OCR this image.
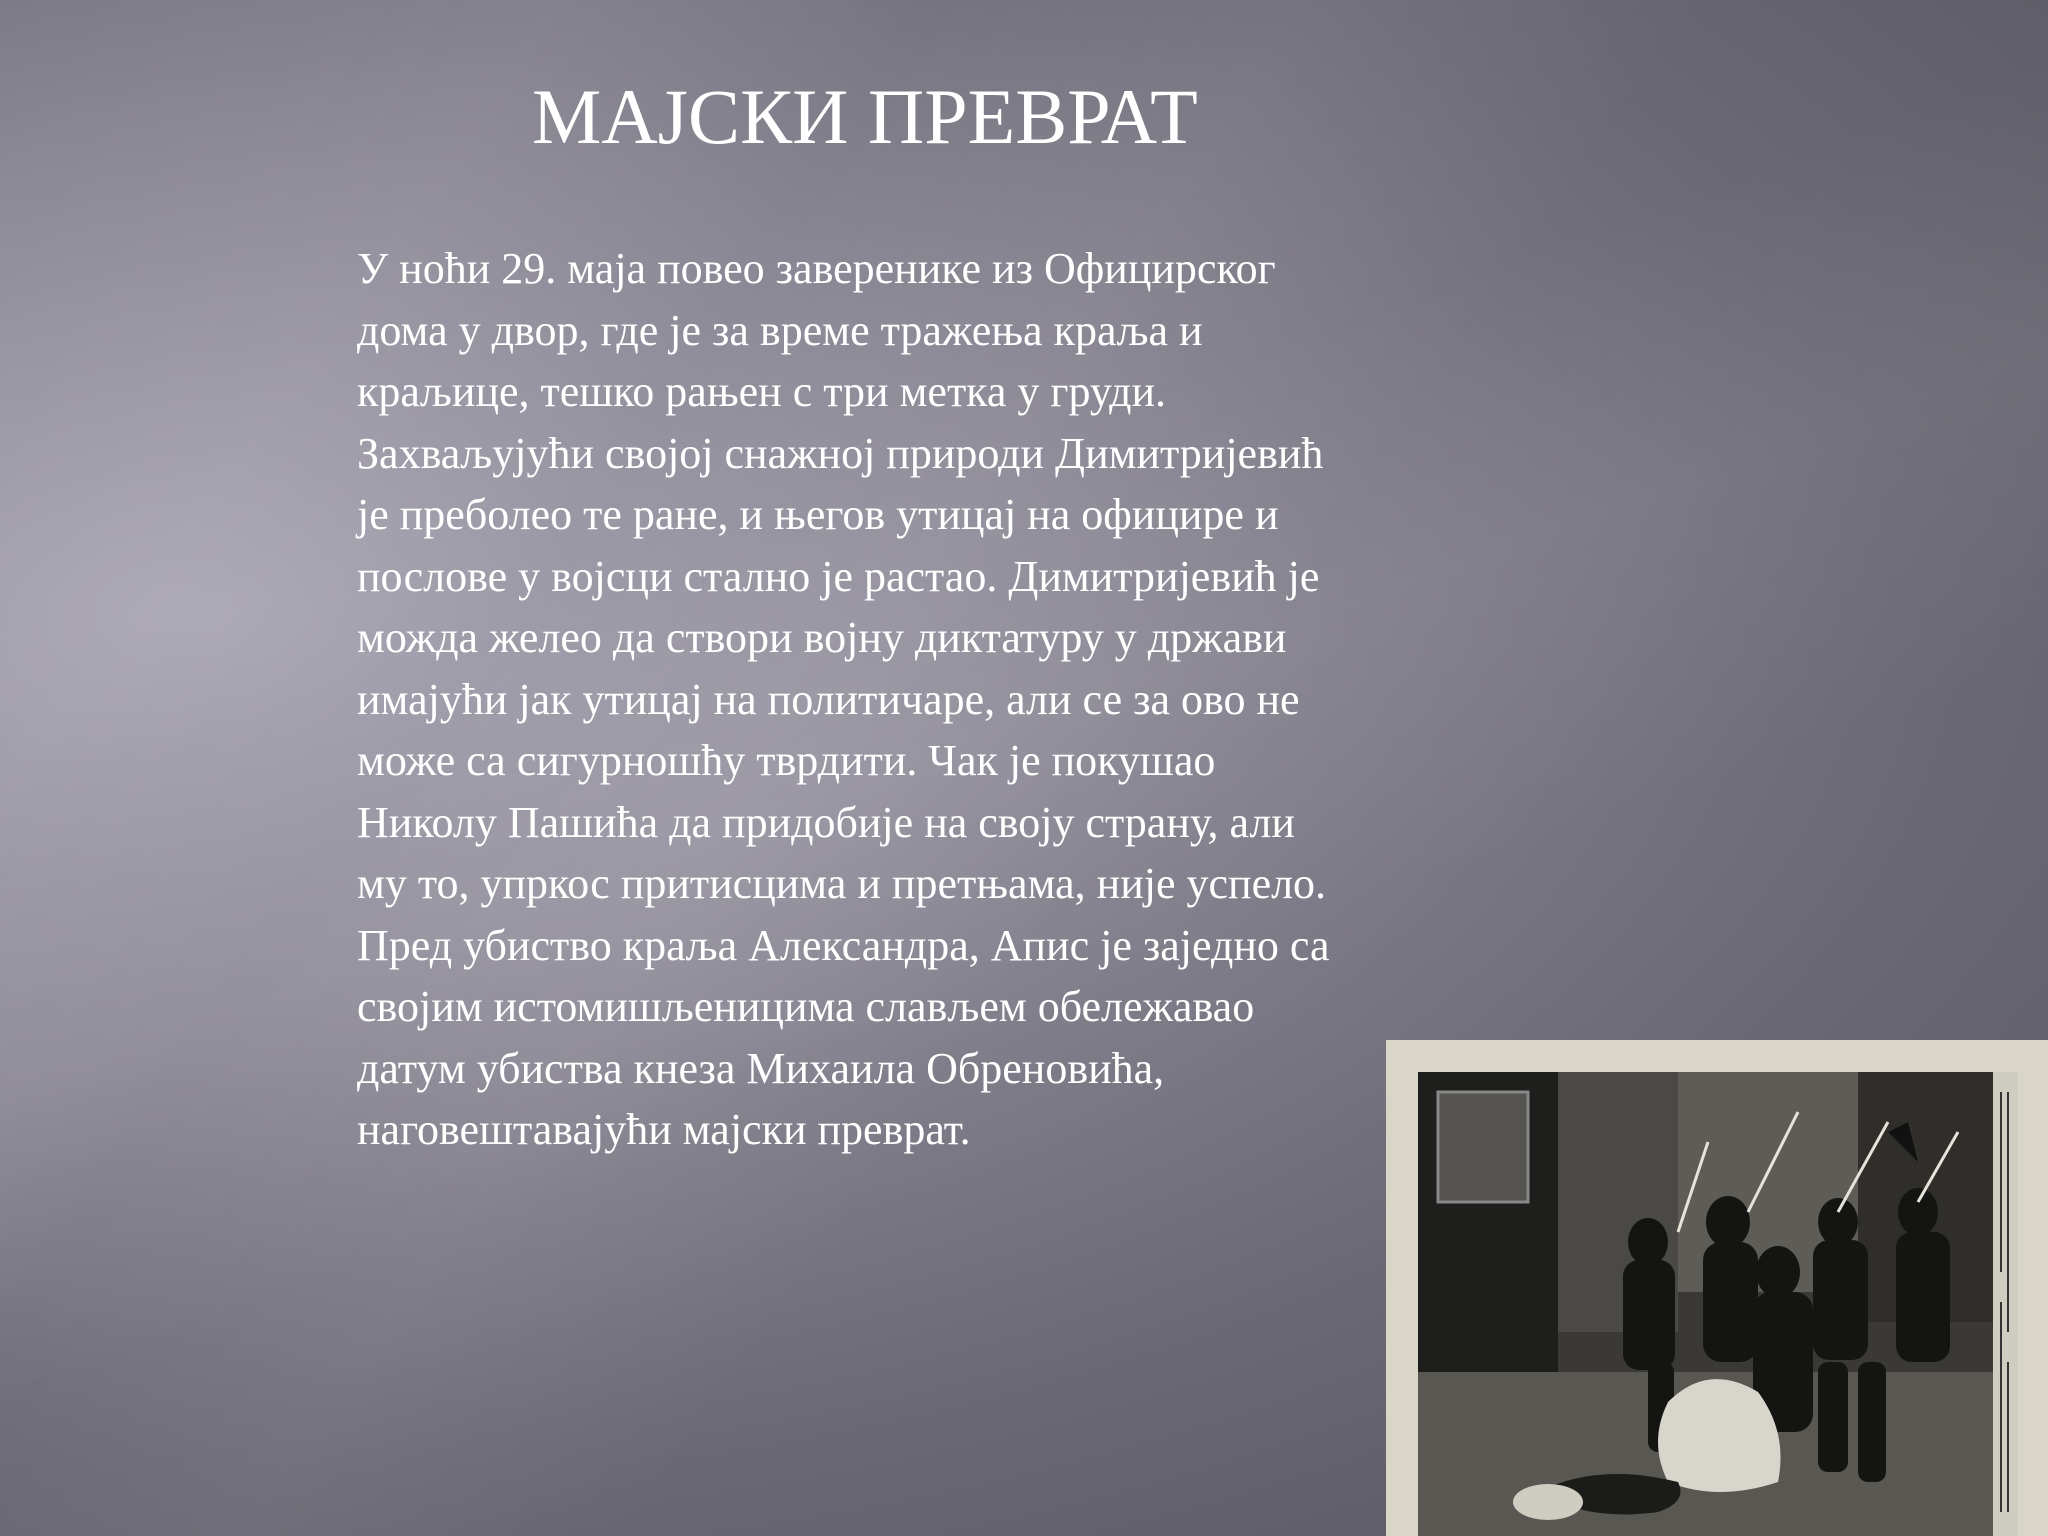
МАЈСКИ ПРЕВРАТ
У ноћи 29. маја повео заверенике из Официрског
дома у двор, где је за време тражења краља и
краљице, тешко рањен с три метка у груди.
Захваљујући својој снажној природи Димитријевић
је преболео те ране, и његов утицај на официре и
послове у војсци стално је растао. Димитријевић је
можда желео да створи војну диктатуру у држави
имајући јак утицај на политичаре, али се за ово не
може са сигурношћу тврдити. Чак је покушао
Николу Пашића да придобије на своју страну, али
му то, упркос притисцима и претњама, није успело.
Пред убиство краља Александра, Апис је заједно са
својим истомишљеницима слављем обележавао
датум убиства кнеза Михаила Обреновића,
наговештавајући мајски преврат.
